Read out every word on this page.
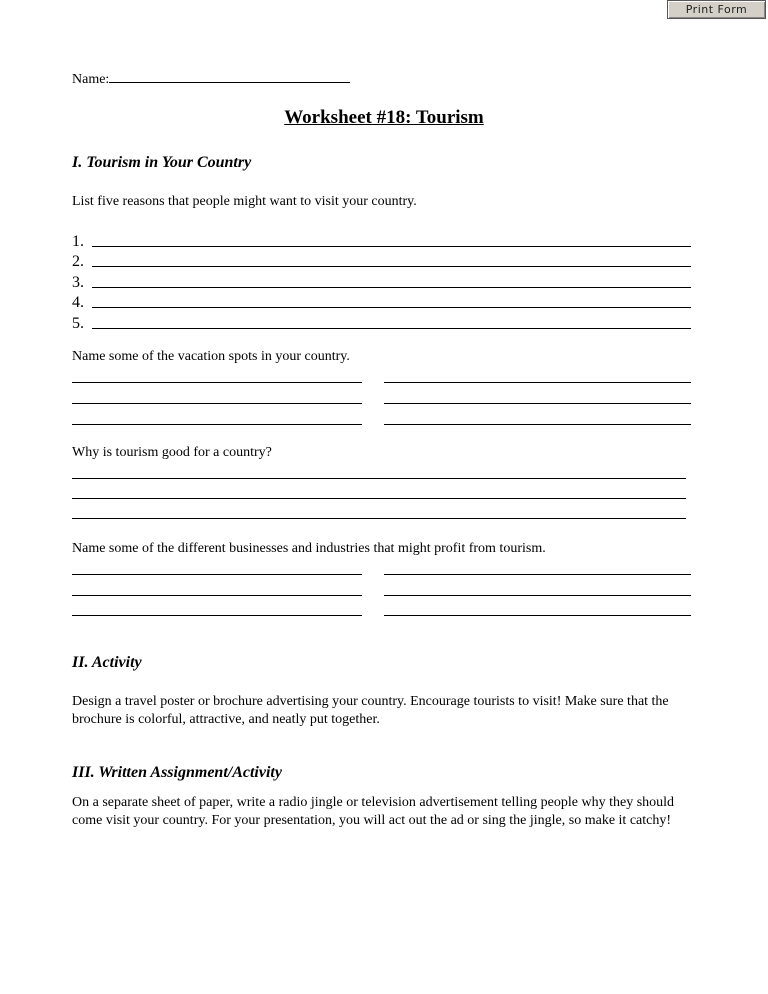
Print Form
Name:
Worksheet #18: Tourism
I. Tourism in Your Country
List five reasons that people might want to visit your country.
1.
2.
3.
4.
5.
Name some of the vacation spots in your country.
Why is tourism good for a country?
Name some of the different businesses and industries that might profit from tourism.
II. Activity
Design a travel poster or brochure advertising your country. Encourage tourists to visit! Make sure that the brochure is colorful, attractive, and neatly put together.
III. Written Assignment/Activity
On a separate sheet of paper, write a radio jingle or television advertisement telling people why they should come visit your country. For your presentation, you will act out the ad or sing the jingle, so make it catchy!
